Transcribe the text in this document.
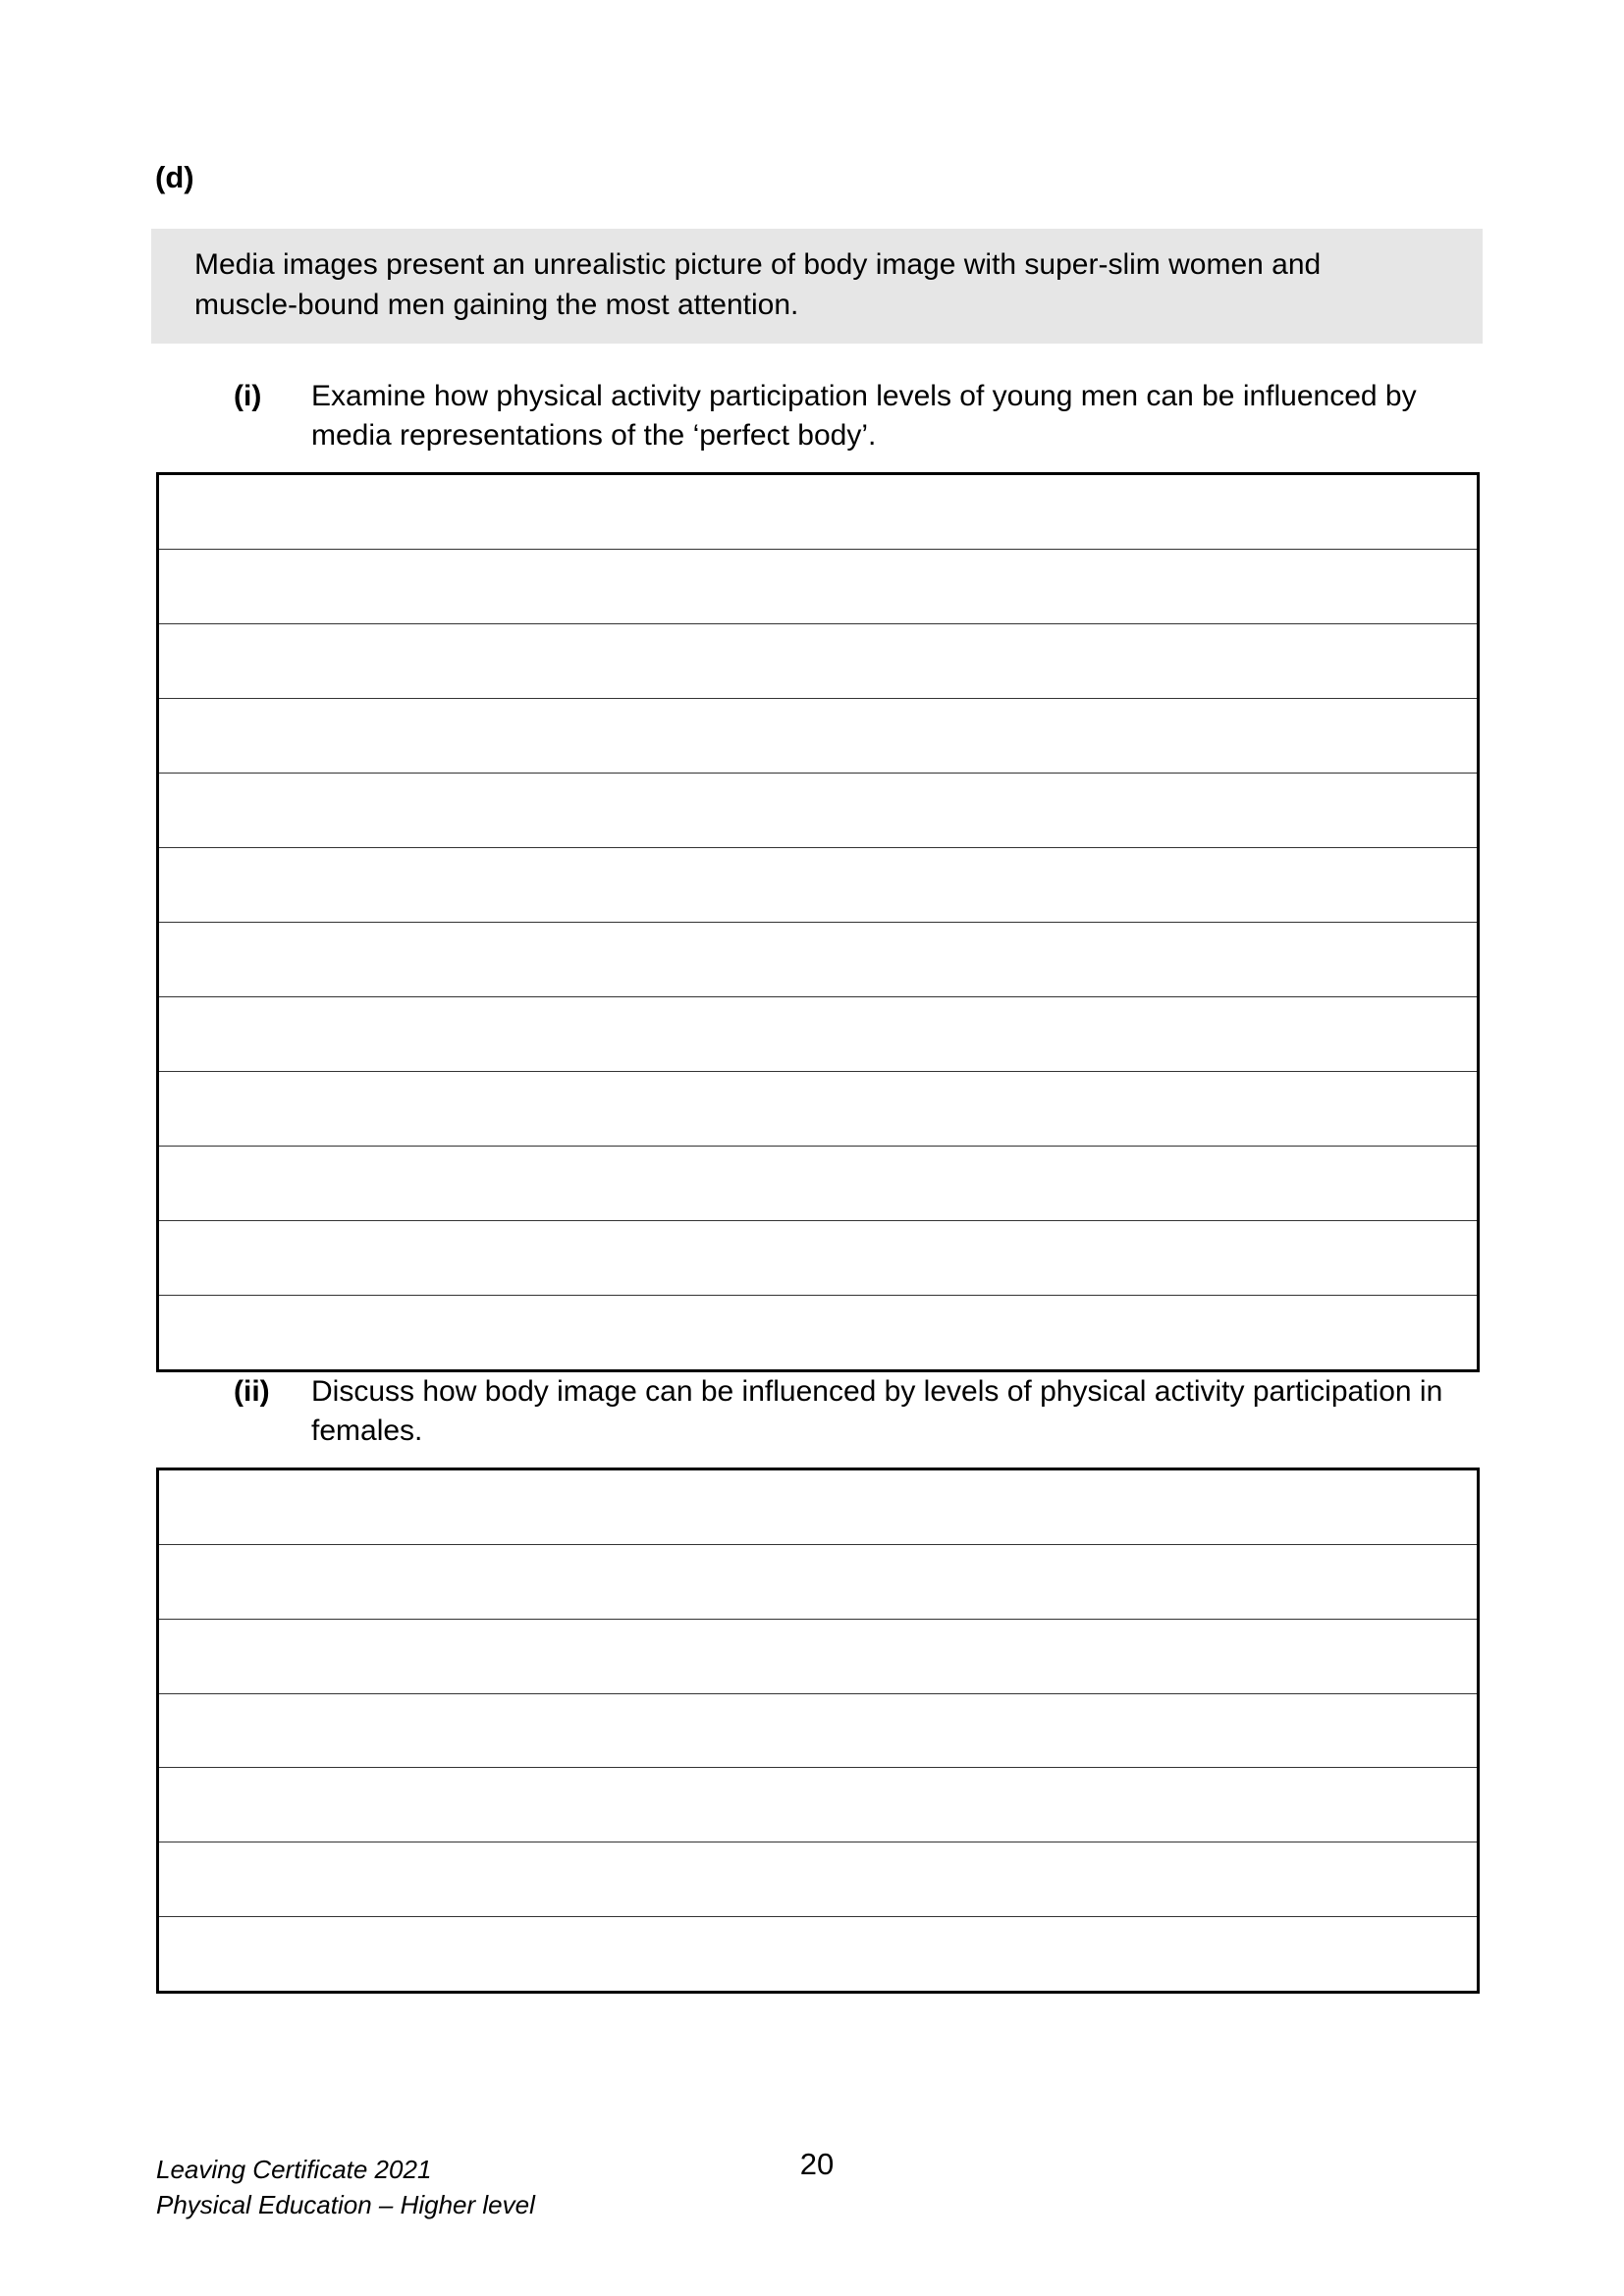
(d)
Media images present an unrealistic picture of body image with super-slim women and
muscle-bound men gaining the most attention.
(i) Examine how physical activity participation levels of young men can be influenced by
media representations of the ‘perfect body’.
(ii) Discuss how body image can be influenced by levels of physical activity participation in
females.
Leaving Certificate 2021
Physical Education – Higher level
20
